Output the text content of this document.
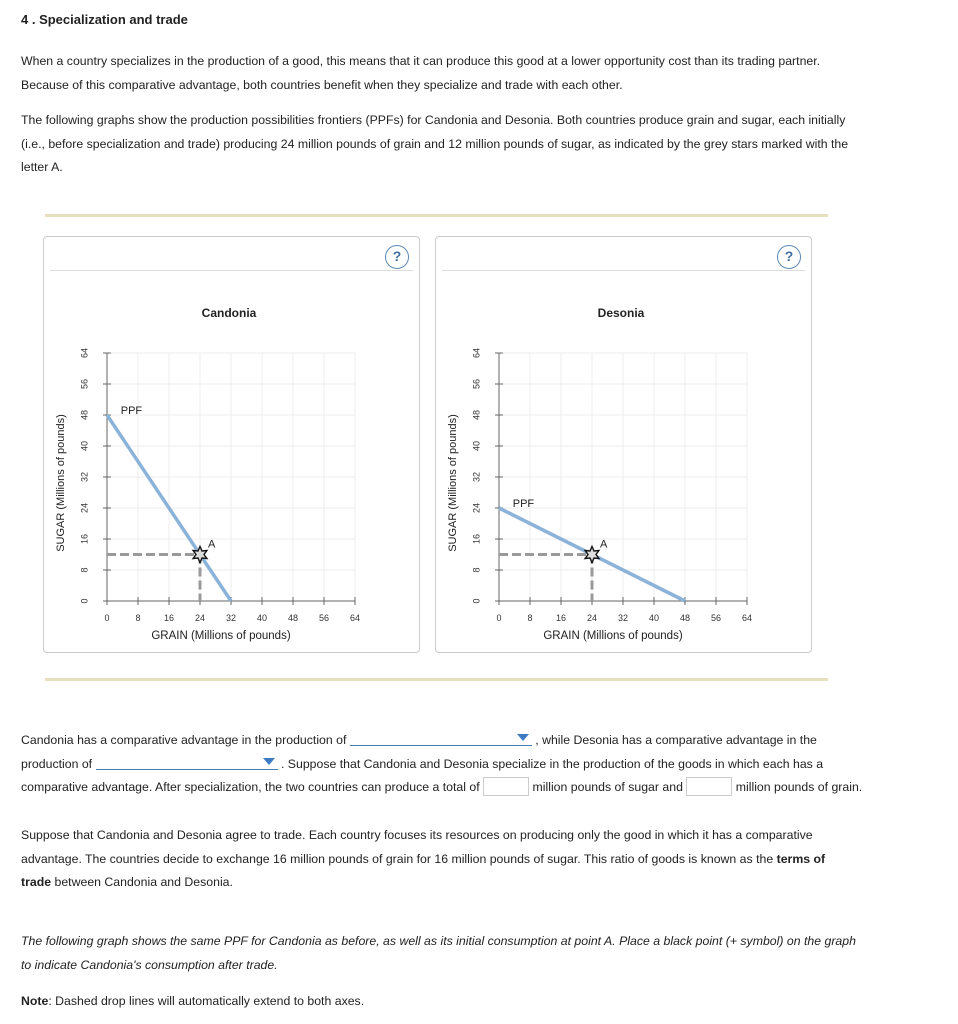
4 . Specialization and trade
When a country specializes in the production of a good, this means that it can produce this good at a lower opportunity cost than its trading partner.
Because of this comparative advantage, both countries benefit when they specialize and trade with each other.
The following graphs show the production possibilities frontiers (PPFs) for Candonia and Desonia. Both countries produce grain and sugar, each initially
(i.e., before specialization and trade) producing 24 million pounds of grain and 12 million pounds of sugar, as indicated by the grey stars marked with the
letter A.
?
0	8	16 24 32 40 48 56 64
0
8
16
24
32
40
48
56
64
Candonia
GRAIN (Millions of pounds)
SUGAR (Millions of pounds)
PPF
A
?
0	8	16 24 32 40 48 56 64
0
8
16
24
32
40
48
56
64
Desonia
GRAIN (Millions of pounds)
SUGAR (Millions of pounds)	PPF
A
Candonia has a comparative advantage in the production of	, while Desonia has a comparative advantage in the
production of	. Suppose that Candonia and Desonia specialize in the production of the goods in which each has a
comparative advantage. After specialization, the two countries can produce a total of	million pounds of sugar and	million pounds of grain.
Suppose that Candonia and Desonia agree to trade. Each country focuses its resources on producing only the good in which it has a comparative
advantage. The countries decide to exchange 16 million pounds of grain for 16 million pounds of sugar. This ratio of goods is known as the terms of
trade between Candonia and Desonia.
The following graph shows the same PPF for Candonia as before, as well as its initial consumption at point A. Place a black point (+ symbol) on the graph
to indicate Candonia's consumption after trade.
Note: Dashed drop lines will automatically extend to both axes.
